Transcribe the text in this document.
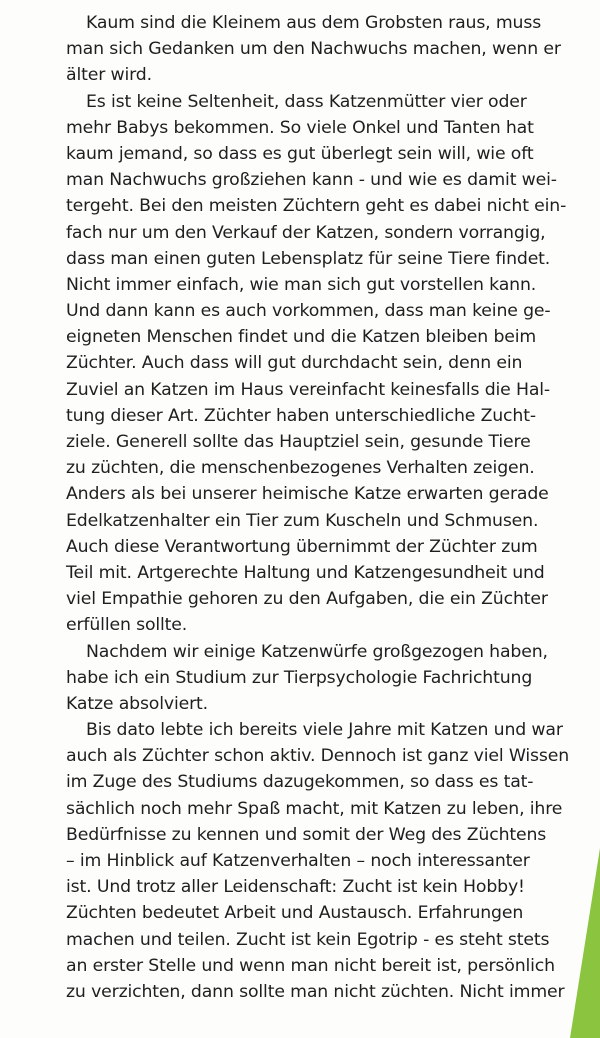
Kaum sind die Kleinem aus dem Grobsten raus, muss
man sich Gedanken um den Nachwuchs machen, wenn er
älter wird.

Es ist keine Seltenheit, dass Katzenmütter vier oder
mehr Babys bekommen. So viele Onkel und Tanten hat
kaum jemand, so dass es gut überlegt sein will, wie oft
man Nachwuchs großziehen kann - und wie es damit wei-
tergeht. Bei den meisten Züchtern geht es dabei nicht ein-
fach nur um den Verkauf der Katzen, sondern vorrangig,
dass man einen guten Lebensplatz für seine Tiere findet.
Nicht immer einfach, wie man sich gut vorstellen kann.
Und dann kann es auch vorkommen, dass man keine ge-
eigneten Menschen findet und die Katzen bleiben beim
Züchter. Auch dass will gut durchdacht sein, denn ein
Zuviel an Katzen im Haus vereinfacht keinesfalls die Hal-
tung dieser Art. Züchter haben unterschiedliche Zucht-
ziele. Generell sollte das Hauptziel sein, gesunde Tiere
zu züchten, die menschenbezogenes Verhalten zeigen.
Anders als bei unserer heimische Katze erwarten gerade
Edelkatzenhalter ein Tier zum Kuscheln und Schmusen.
Auch diese Verantwortung übernimmt der Züchter zum
Teil mit. Artgerechte Haltung und Katzengesundheit und
viel Empathie gehoren zu den Aufgaben, die ein Züchter
erfüllen sollte.

Nachdem wir einige Katzenwürfe großgezogen haben,
habe ich ein Studium zur Tierpsychologie Fachrichtung
Katze absolviert.

Bis dato lebte ich bereits viele Jahre mit Katzen und war
auch als Züchter schon aktiv. Dennoch ist ganz viel Wissen
im Zuge des Studiums dazugekommen, so dass es tat-
sächlich noch mehr Spaß macht, mit Katzen zu leben, ihre
Bedürfnisse zu kennen und somit der Weg des Züchtens
– im Hinblick auf Katzenverhalten – noch interessanter
ist. Und trotz aller Leidenschaft: Zucht ist kein Hobby!
Züchten bedeutet Arbeit und Austausch. Erfahrungen
machen und teilen. Zucht ist kein Egotrip - es steht stets
an erster Stelle und wenn man nicht bereit ist, persönlich
zu verzichten, dann sollte man nicht züchten. Nicht immer
